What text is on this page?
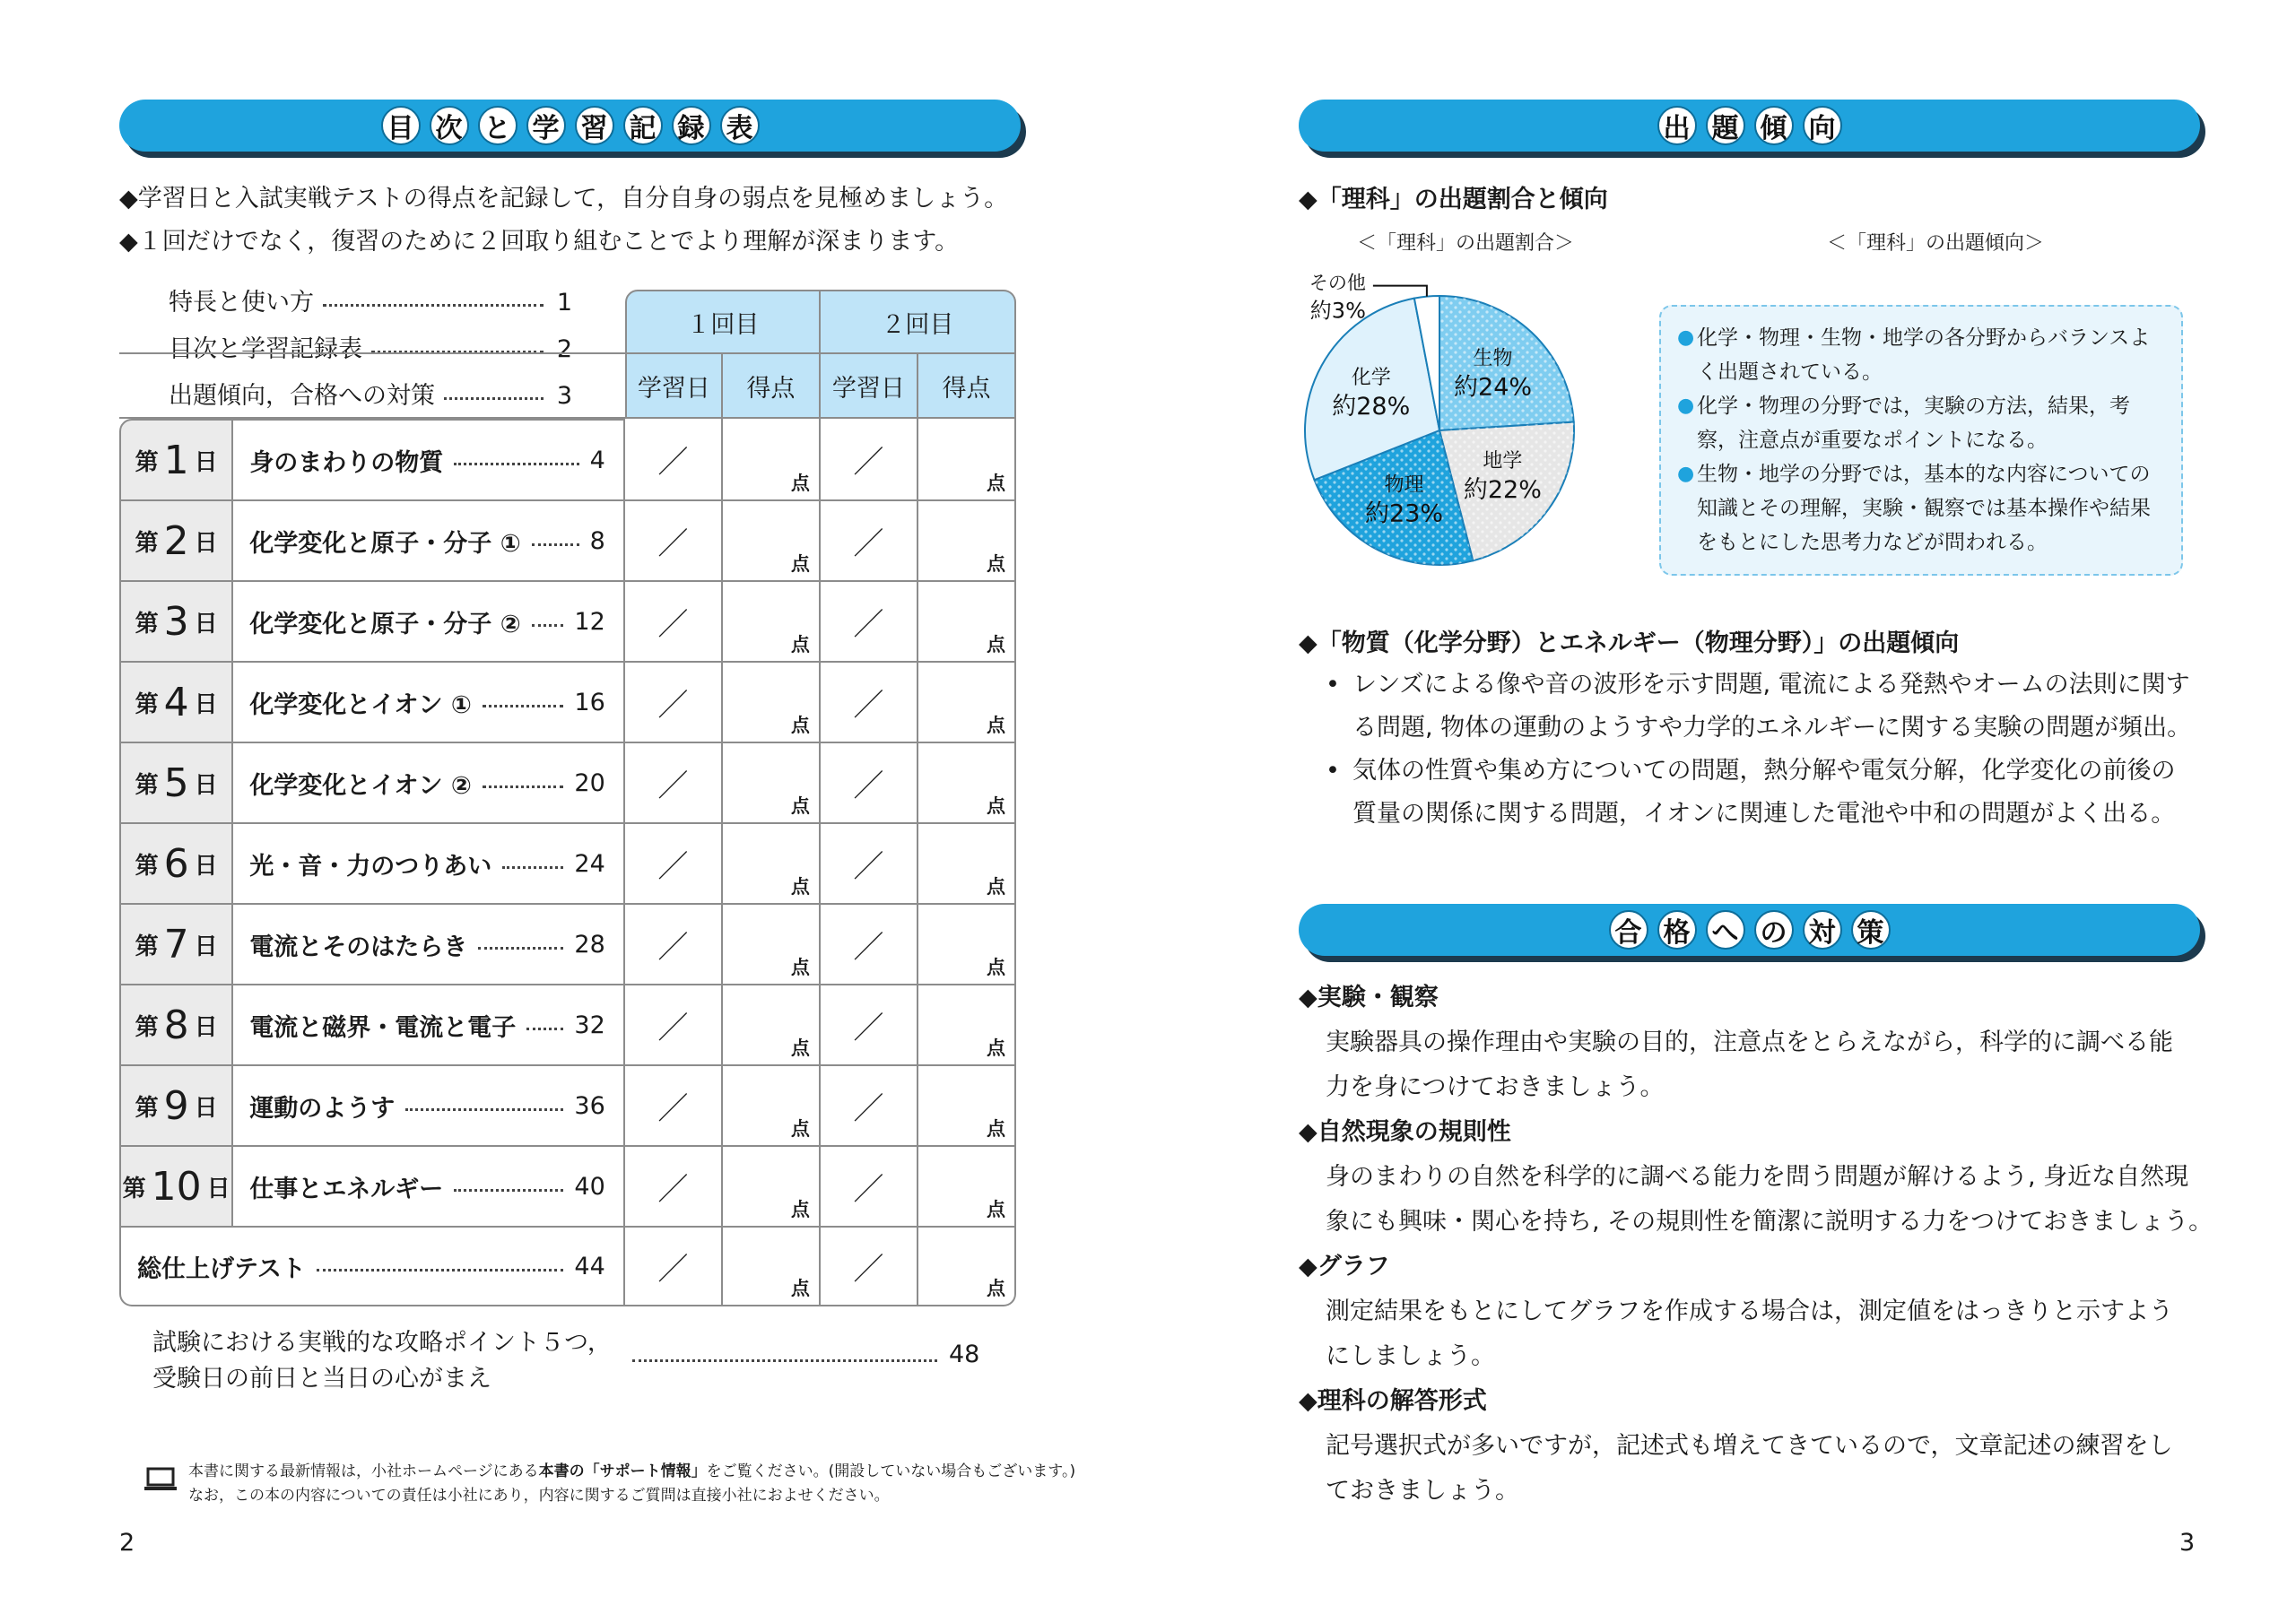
目 次 と 学 習 記 録 表
◆学習日と入試実戦テストの得点を記録して，自分自身の弱点を見極めましょう。
◆１回だけでなく，復習のために２回取り組むことでより理解が深まります。
特長と使い方	1
目次と学習記録表	2
出題傾向，合格への対策	3
		１回目		２回目	
		学習日	得点	学習日	得点
第 1 日	身のまわりの物質 4	／	点	／	点

第 2 日	化学変化と原子・分子 ① 8	／	点	／	点

第 3 日	化学変化と原子・分子 ② 12	／	点	／	点

第 4 日	化学変化とイオン ① 16	／	点	／	点

第 5 日	化学変化とイオン ② 20	／	点	／	点

第 6 日	光・音・力のつりあい 24	／	点	／	点

第 7 日	電流とそのはたらき 28	／	点	／	点

第 8 日	電流と磁界・電流と電子 32	／	点	／	点

第 9 日	運動のようす 36	／	点	／	点

第 10 日	仕事とエネルギー 40	／	点	／	点

総仕上げテスト 44		／	点	／	点
試験における実戦的な攻略ポイント５つ，
受験日の前日と当日の心がまえ
48
本書に関する最新情報は，小社ホームページにある本書の「サポート情報」をご覧ください。(開設していない場合もございます。)
なお，この本の内容についての責任は小社にあり，内容に関するご質問は直接小社におよせください。
2
出 題 傾 向
◆「理科」の出題割合と傾向
＜「理科」の出題割合＞	＜「理科」の出題傾向＞
生物
約24%
地学
約22%
物理
約23%
化学
約28%
その他
約3%
● 化学・物理・生物・地学の各分野からバランスよく出題されている。
● 化学・物理の分野では，実験の方法，結果，考察，注意点が重要なポイントになる。
● 生物・地学の分野では，基本的な内容についての知識とその理解，実験・観察では基本操作や結果をもとにした思考力などが問われる。
◆「物質（化学分野）とエネルギー（物理分野）」の出題傾向
• レンズによる像や音の波形を示す問題, 電流による発熱やオームの法則に関す
る問題, 物体の運動のようすや力学的エネルギーに関する実験の問題が頻出。
• 気体の性質や集め方についての問題，熱分解や電気分解，化学変化の前後の
質量の関係に関する問題，イオンに関連した電池や中和の問題がよく出る。
合 格 へ の 対 策
◆実験・観察
実験器具の操作理由や実験の目的，注意点をとらえながら，科学的に調べる能
力を身につけておきましょう。
◆自然現象の規則性
身のまわりの自然を科学的に調べる能力を問う問題が解けるよう, 身近な自然現
象にも興味・関心を持ち, その規則性を簡潔に説明する力をつけておきましょう。
◆グラフ
測定結果をもとにしてグラフを作成する場合は，測定値をはっきりと示すよう
にしましょう。
◆理科の解答形式
記号選択式が多いですが，記述式も増えてきているので，文章記述の練習をし
ておきましょう。
3
